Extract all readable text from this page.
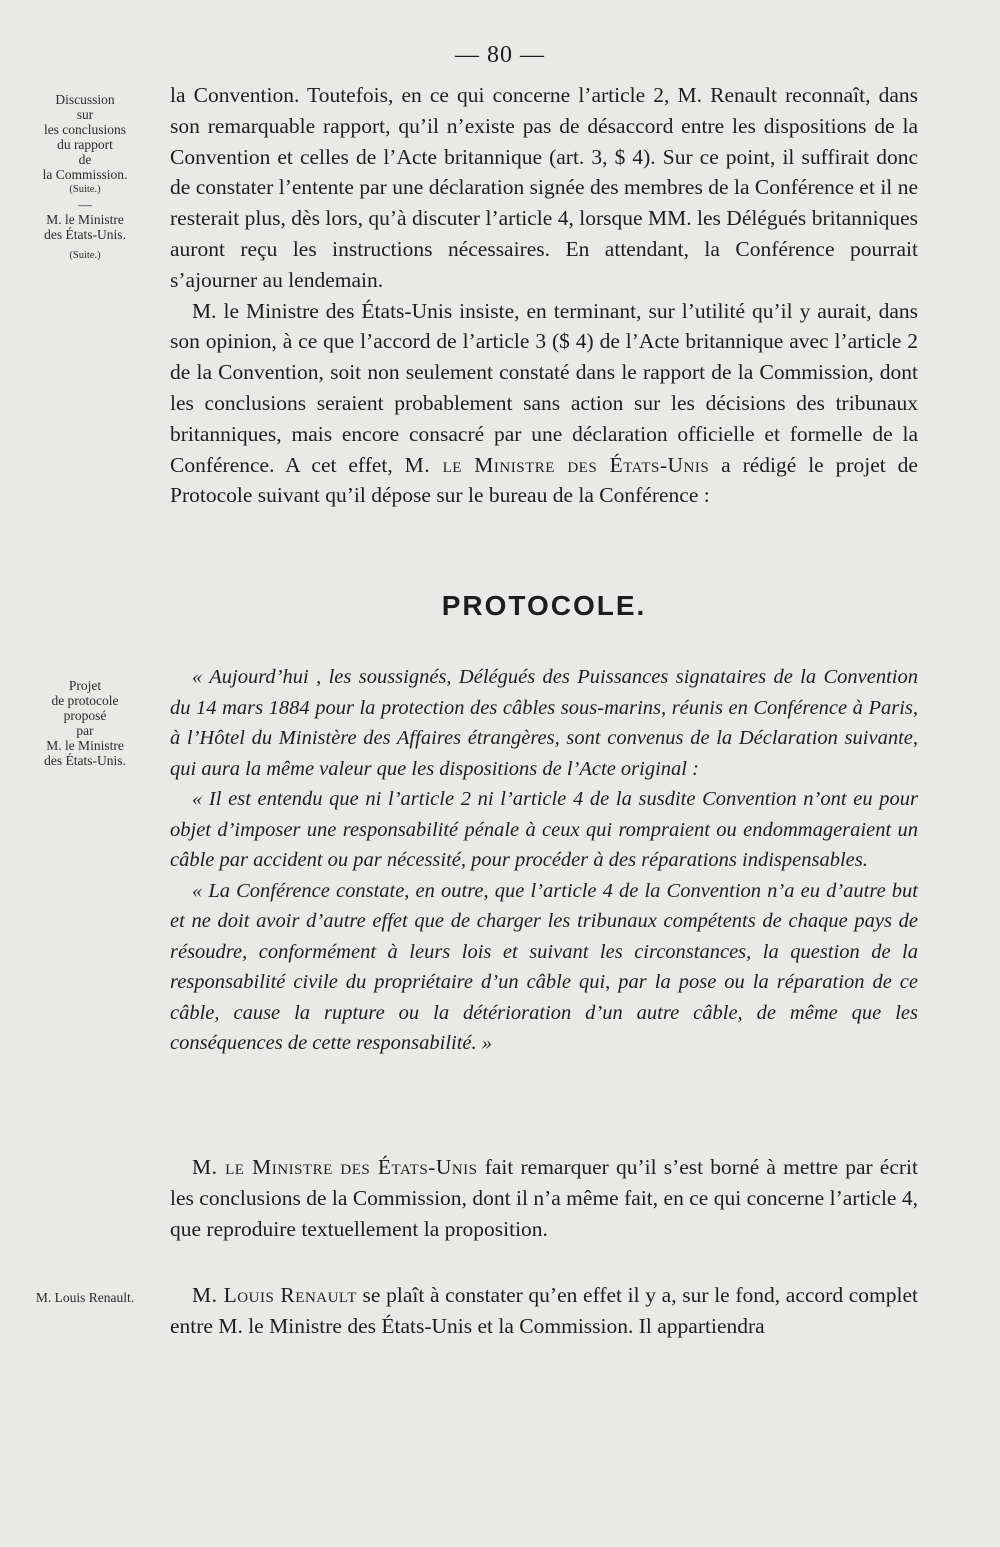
— 80 —
Discussion
sur
les conclusions
du rapport
de
la Commission.
(Suite.)
—
M. le Ministre
des États-Unis.
(Suite.)
Projet
de protocole
proposé
par
M. le Ministre
des États-Unis.
M. Louis Renault.

la Convention. Toutefois, en ce qui concerne l’article 2, M. Renault reconnaît, dans son remarquable rapport, qu’il n’existe pas de désaccord entre les dispositions de la Convention et celles de l’Acte britannique (art. 3, $ 4). Sur ce point, il suffirait donc de constater l’entente par une déclaration signée des membres de la Conférence et il ne resterait plus, dès lors, qu’à discuter l’article 4, lorsque MM. les Délégués britanniques auront reçu les instructions nécessaires. En attendant, la Conférence pourrait s’ajourner au lendemain.

M. le Ministre des États-Unis insiste, en terminant, sur l’utilité qu’il y aurait, dans son opinion, à ce que l’accord de l’article 3 ($ 4) de l’Acte britannique avec l’article 2 de la Convention, soit non seulement constaté dans le rapport de la Commission, dont les conclusions seraient probablement sans action sur les décisions des tribunaux britanniques, mais encore consacré par une déclaration officielle et formelle de la Conférence. A cet effet, M. le Ministre des États-Unis a rédigé le projet de Protocole suivant qu’il dépose sur le bureau de la Conférence :

PROTOCOLE.

« Aujourd’hui , les soussignés, Délégués des Puissances signataires de la Convention du 14 mars 1884 pour la protection des câbles sous-marins, réunis en Conférence à Paris, à l’Hôtel du Ministère des Affaires étrangères, sont convenus de la Déclaration suivante, qui aura la même valeur que les dispositions de l’Acte original :

« Il est entendu que ni l’article 2 ni l’article 4 de la susdite Convention n’ont eu pour objet d’imposer une responsabilité pénale à ceux qui rompraient ou endommageraient un câble par accident ou par nécessité, pour procéder à des réparations indispensables.

« La Conférence constate, en outre, que l’article 4 de la Convention n’a eu d’autre but et ne doit avoir d’autre effet que de charger les tribunaux compétents de chaque pays de résoudre, conformément à leurs lois et suivant les circonstances, la question de la responsabilité civile du propriétaire d’un câble qui, par la pose ou la réparation de ce câble, cause la rupture ou la détérioration d’un autre câble, de même que les conséquences de cette responsabilité. »

M. le Ministre des États-Unis fait remarquer qu’il s’est borné à mettre par écrit les conclusions de la Commission, dont il n’a même fait, en ce qui concerne l’article 4, que reproduire textuellement la proposition.

M. Louis Renault se plaît à constater qu’en effet il y a, sur le fond, accord complet entre M. le Ministre des États-Unis et la Commission. Il appartiendra
